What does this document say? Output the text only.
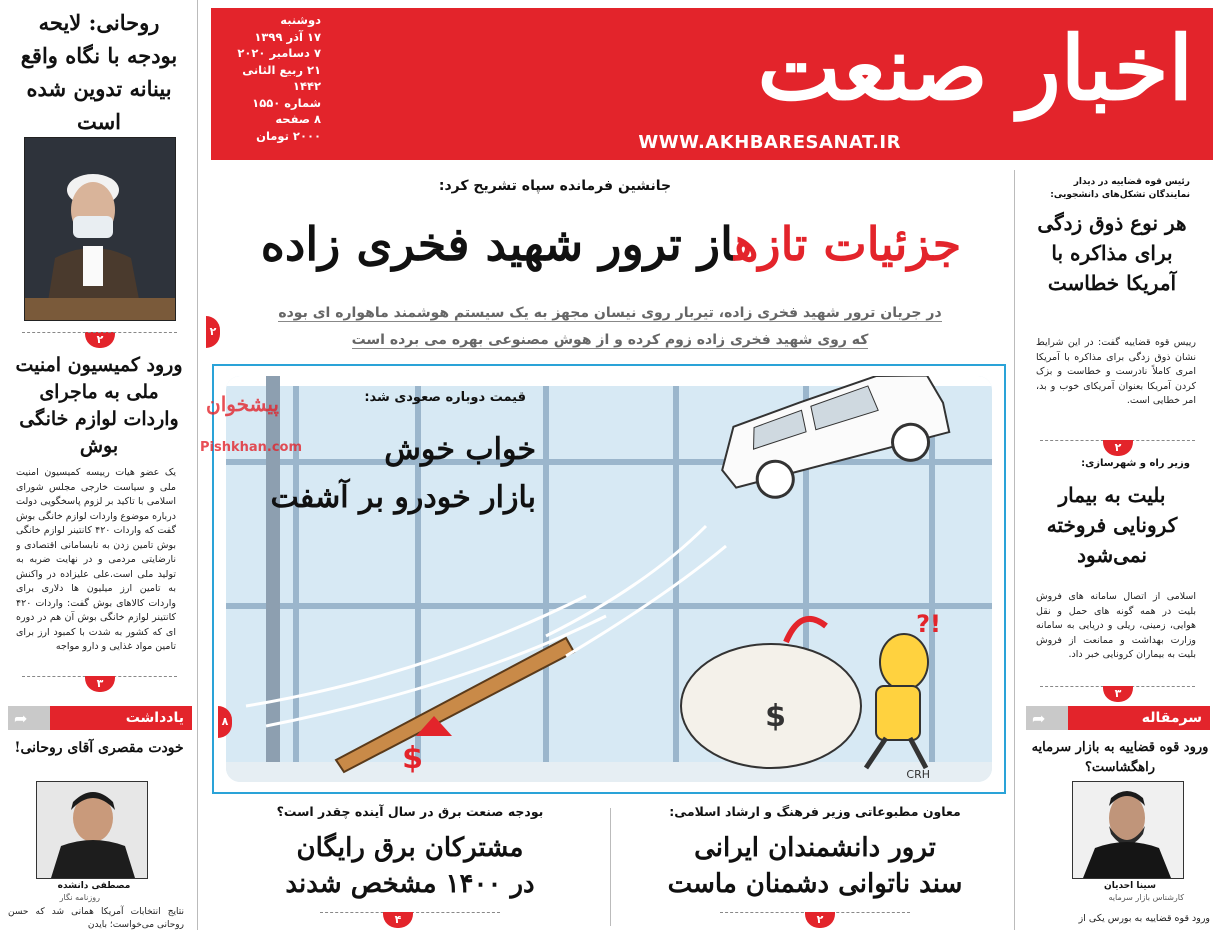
اخبار صنعت
WWW.AKHBARESANAT.IR
دوشنبه
۱۷ آذر ۱۳۹۹
۷ دسامبر ۲۰۲۰
۲۱ ربیع الثانی ۱۴۴۲
شماره ۱۵۵۰
۸ صفحه
۲۰۰۰ تومان
روحانی: لایحه بودجه با نگاه واقع بینانه تدوین شده است
۲
ورود کمیسیون امنیت ملی به ماجرای واردات لوازم خانگی بوش
یک عضو هیات رییسه کمیسیون امنیت ملی و سیاست خارجی مجلس شورای اسلامی با تاکید بر لزوم پاسخگویی دولت درباره موضوع واردات لوازم خانگی بوش گفت که واردات ۴۲۰ کانتینر لوازم خانگی بوش تامین زدن به نابسامانی اقتصادی و نارضایتی مردمی و در نهایت ضربه به تولید ملی است.علی علیزاده در واکنش به تامین ارز میلیون ها دلاری برای واردات کالاهای بوش گفت: واردات ۴۲۰ کانتینر لوازم خانگی بوش آن هم در دوره ای که کشور به شدت با کمبود ارز برای تامین مواد غذایی و دارو مواجه
۳
➦	یادداشت
خودت مقصری آقای روحانی!
مصطفی دانشده
روزنامه نگار
نتایج انتخابات آمریکا همانی شد که حسن روحانی می‌خواست؛ بایدن
جانشین فرمانده سپاه تشریح کرد:
جزئیات تازهاز ترور شهید فخری زاده
در جریان ترور شهید فخری زاده، تیربار روی نیسان مجهز به یک سیستم هوشمند ماهواره ای بوده
که روی شهید فخری زاده زوم کرده و از هوش مصنوعی بهره می برده است
۲
$
$
!?
CRH
قیمت دوباره صعودی شد:
خواب خوش
بازار خودرو بر آشفت
۸
پیشخوان
Pishkhan.com
بودجه صنعت برق در سال آینده چقدر است؟
مشترکان برق رایگان
در ۱۴۰۰ مشخص شدند
۴
معاون مطبوعاتی وزیر فرهنگ و ارشاد اسلامی:
ترور دانشمندان ایرانی
سند ناتوانی دشمنان ماست
۲
رئیس قوه قضاییه در دیدار نمایندگان تشکل‌های دانشجویی:
هر نوع ذوق زدگی برای مذاکره با آمریکا خطاست
رییس قوه قضاییه گفت: در این شرایط نشان ذوق زدگی برای مذاکره با آمریکا امری کاملاً نادرست و خطاست و بزک کردن آمریکا بعنوان آمریکای خوب و بد، امر خطایی است.
۲
وزیر راه و شهرسازی:
بلیت به بیمار کرونایی فروخته نمی‌شود
اسلامی از اتصال سامانه های فروش بلیت در همه گونه های حمل و نقل هوایی، زمینی، ریلی و دریایی به سامانه وزارت بهداشت و ممانعت از فروش بلیت به بیماران کرونایی خبر داد.
۳
➦	سرمقاله
ورود قوه قضاییه به بازار سرمایه راهگشاست؟
سینا احدیان
کارشناس بازار سرمایه
ورود قوه قضاییه به بورس یکی از
